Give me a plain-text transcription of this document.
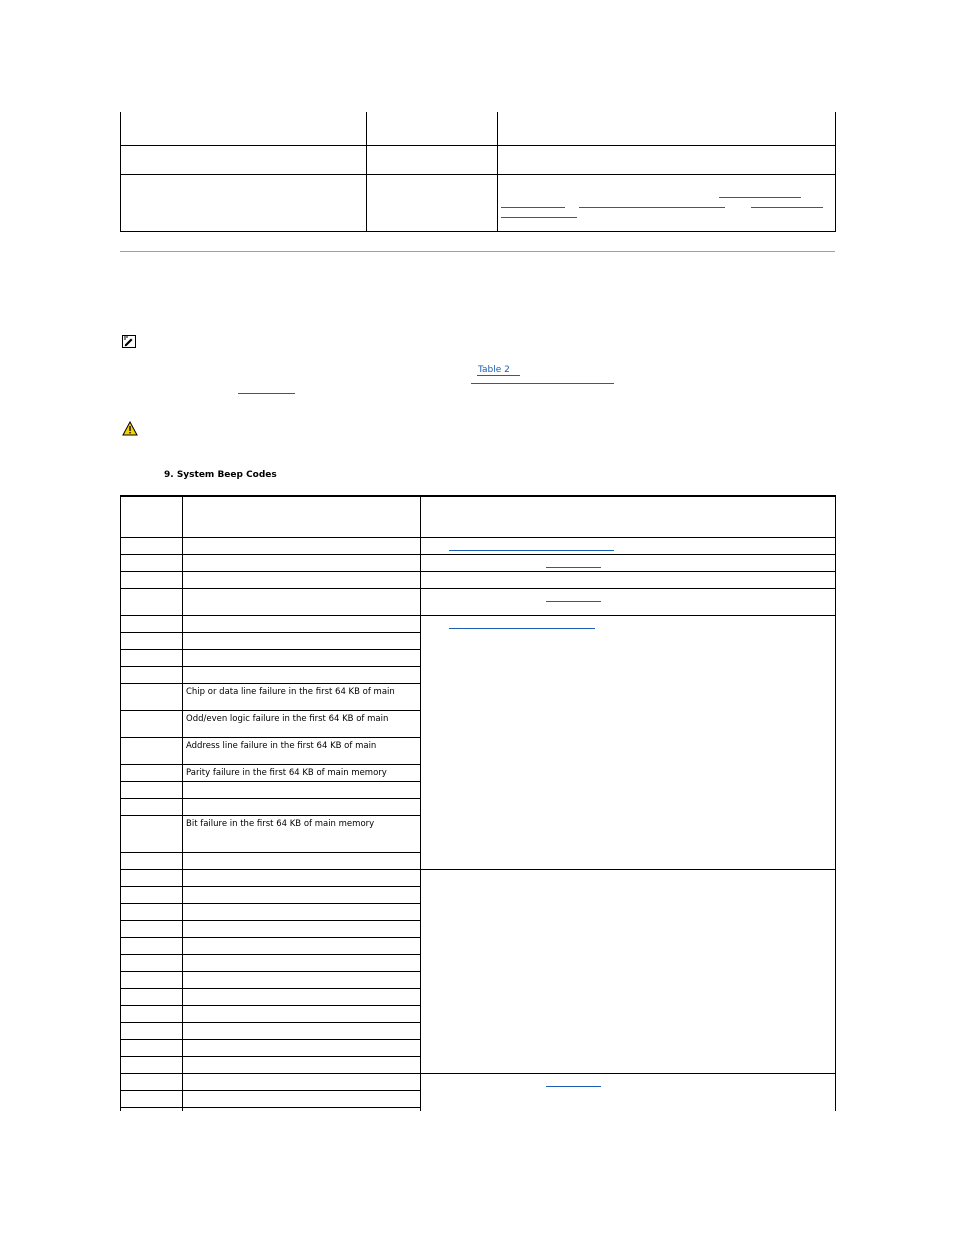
Table 2
9. System Beep Codes

	Chip or data line failure in the first 64 KB of main		
	Odd/even logic failure in the first 64 KB of main		
	Address line failure in the first 64 KB of main		
	Parity failure in the first 64 KB of main memory		

	Bit failure in the first 64 KB of main memory		
